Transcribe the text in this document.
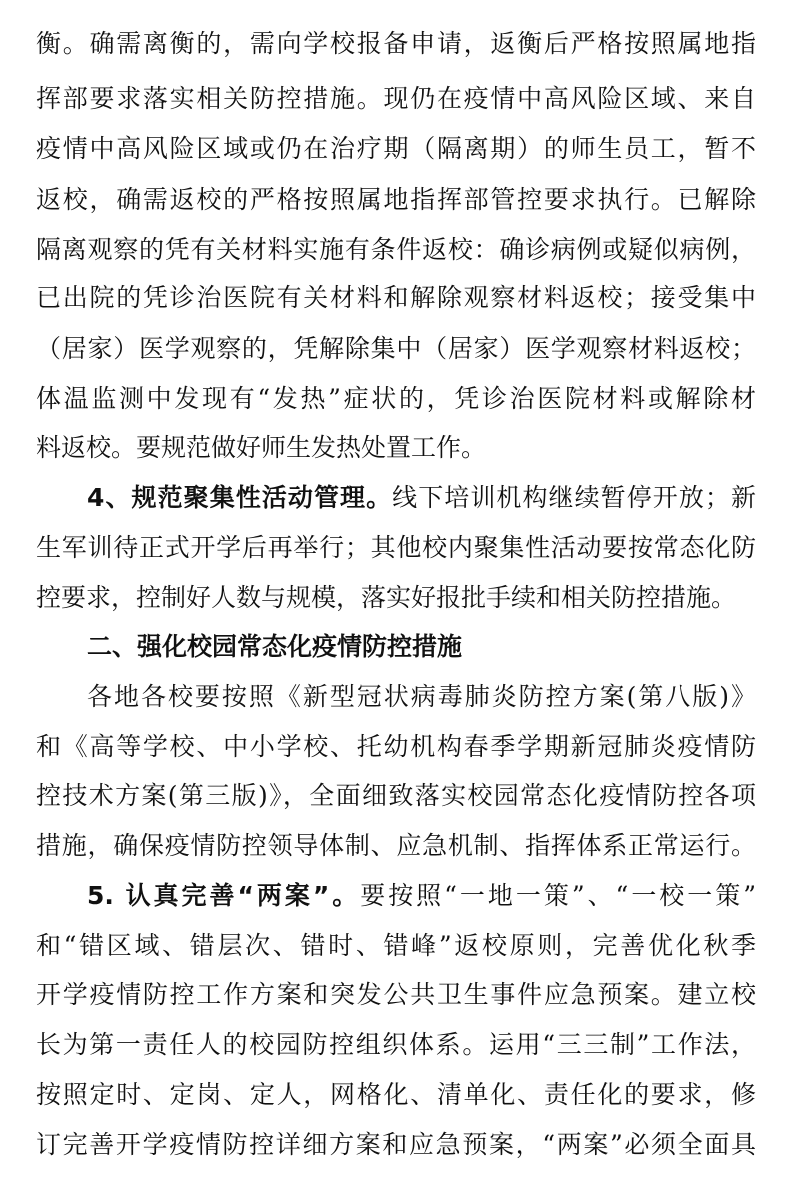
衡。确需离衡的，需向学校报备申请，返衡后严格按照属地指
挥部要求落实相关防控措施。现仍在疫情中高风险区域、来自
疫情中高风险区域或仍在治疗期（隔离期）的师生员工，暂不
返校，确需返校的严格按照属地指挥部管控要求执行。已解除
隔离观察的凭有关材料实施有条件返校：确诊病例或疑似病例，
已出院的凭诊治医院有关材料和解除观察材料返校；接受集中
（居家）医学观察的，凭解除集中（居家）医学观察材料返校；
体温监测中发现有“发热”症状的，凭诊治医院材料或解除材
料返校。要规范做好师生发热处置工作。
4、规范聚集性活动管理。线下培训机构继续暂停开放；新
生军训待正式开学后再举行；其他校内聚集性活动要按常态化防
控要求，控制好人数与规模，落实好报批手续和相关防控措施。
二、强化校园常态化疫情防控措施
各地各校要按照《新型冠状病毒肺炎防控方案(第八版)》
和《高等学校、中小学校、托幼机构春季学期新冠肺炎疫情防
控技术方案(第三版)》，全面细致落实校园常态化疫情防控各项
措施，确保疫情防控领导体制、应急机制、指挥体系正常运行。
5. 认真完善“两案”。要按照“一地一策”、“一校一策”
和“错区域、错层次、错时、错峰”返校原则，完善优化秋季
开学疫情防控工作方案和突发公共卫生事件应急预案。建立校
长为第一责任人的校园防控组织体系。运用“三三制”工作法，
按照定时、定岗、定人，网格化、清单化、责任化的要求，修
订完善开学疫情防控详细方案和应急预案，“两案”必须全面具
